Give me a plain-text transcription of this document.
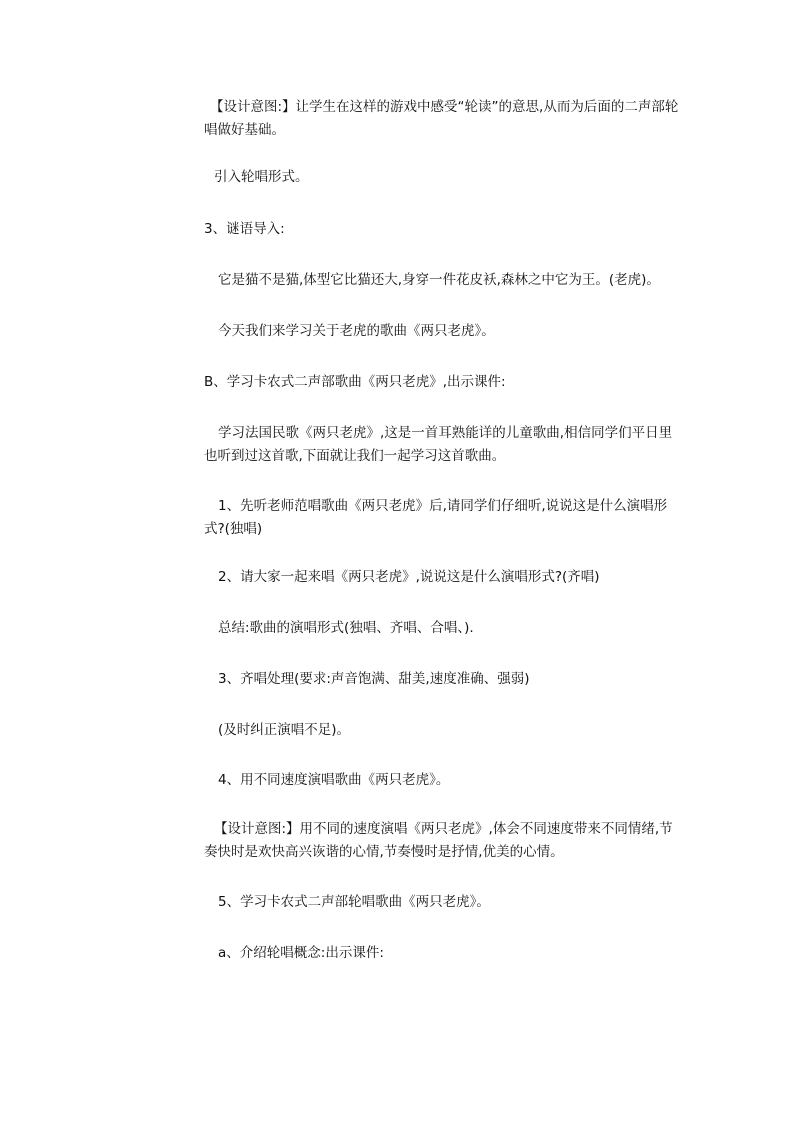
【设计意图:】让学生在这样的游戏中感受“轮读”的意思,从而为后面的二声部轮唱做好基础。

引入轮唱形式。

3、谜语导入:

它是猫不是猫,体型它比猫还大,身穿一件花皮袄,森林之中它为王。(老虎)。

今天我们来学习关于老虎的歌曲《两只老虎》。

B、学习卡农式二声部歌曲《两只老虎》,出示课件:

学习法国民歌《两只老虎》,这是一首耳熟能详的儿童歌曲,相信同学们平日里也听到过这首歌,下面就让我们一起学习这首歌曲。

1、先听老师范唱歌曲《两只老虎》后,请同学们仔细听,说说这是什么演唱形式?(独唱)

2、请大家一起来唱《两只老虎》,说说这是什么演唱形式?(齐唱)

总结:歌曲的演唱形式(独唱、齐唱、合唱、).

3、齐唱处理(要求:声音饱满、甜美,速度准确、强弱)

(及时纠正演唱不足)。

4、用不同速度演唱歌曲《两只老虎》。

【设计意图:】用不同的速度演唱《两只老虎》,体会不同速度带来不同情绪,节奏快时是欢快高兴诙谐的心情,节奏慢时是抒情,优美的心情。

5、学习卡农式二声部轮唱歌曲《两只老虎》。

a、介绍轮唱概念:出示课件:
